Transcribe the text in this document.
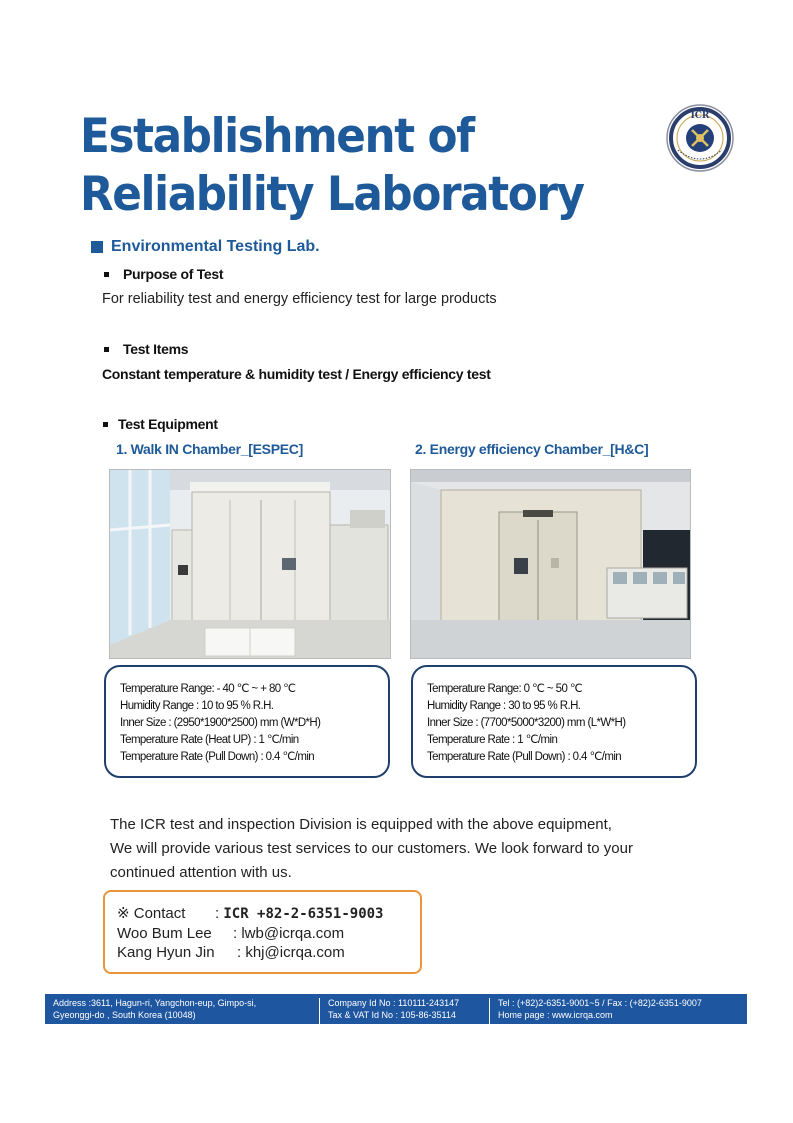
Establishment of
Reliability Laboratory
ICR
Environmental Testing Lab.
Purpose of Test
For reliability test and energy efficiency test for large products
Test Items
Constant temperature & humidity test / Energy efficiency test
Test Equipment
1. Walk IN Chamber_[ESPEC]	2. Energy efficiency Chamber_[H&C]
Temperature Range: - 40 ℃ ~ + 80 ℃
Humidity Range : 10 to 95 % R.H.
Inner Size : (2950*1900*2500) mm (W*D*H)
Temperature Rate (Heat UP) : 1 ℃/min
Temperature Rate (Pull Down) : 0.4 ℃/min
Temperature Range: 0 ℃ ~ 50 ℃
Humidity Range : 30 to 95 % R.H.
Inner Size : (7700*5000*3200) mm (L*W*H)
Temperature Rate : 1 ℃/min
Temperature Rate (Pull Down) : 0.4 ℃/min
The ICR test and inspection Division is equipped with the above equipment,
We will provide various test services to our customers. We look forward to your
continued attention with us.
※ Contact : ICR +82-2-6351-9003
Woo Bum Lee : lwb@icrqa.com
Kang Hyun Jin : khj@icrqa.com
Address :3611, Hagun-ri, Yangchon-eup, Gimpo-si,
Gyeonggi-do , South Korea (10048)
Company Id No : 110111-243147
Tax & VAT Id No : 105-86-35114
Tel : (+82)2-6351-9001~5 / Fax : (+82)2-6351-9007
Home page : www.icrqa.com
